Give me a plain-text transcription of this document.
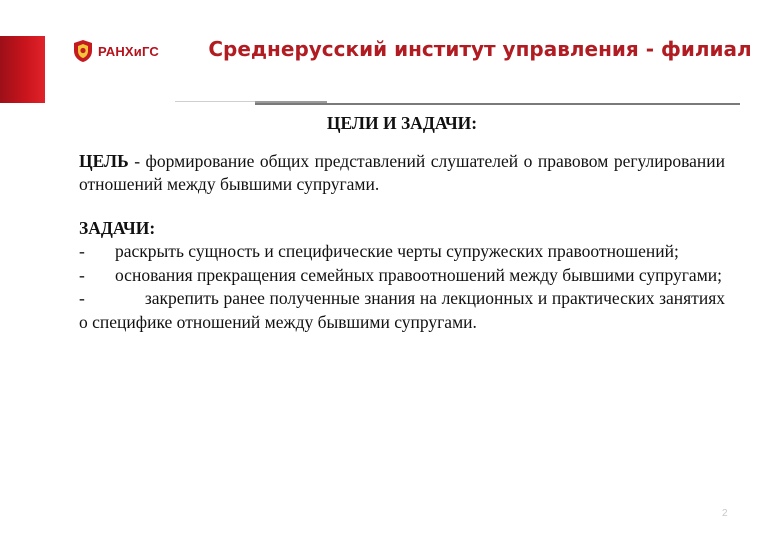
РАНХиГС	Среднерусский институт управления - филиал

ЦЕЛИ И ЗАДАЧИ:

ЦЕЛЬ - формирование общих представлений слушателей о правовом регулировании отношений между бывшими супругами.

ЗАДАЧИ:

-	раскрыть сущность и специфические черты супружеских правоотношений;
-	основания прекращения семейных правоотношений между бывшими супругами;

-	закрепить ранее полученные знания на лекционных и практических занятиях о специфике отношений между бывшими супругами.

2
